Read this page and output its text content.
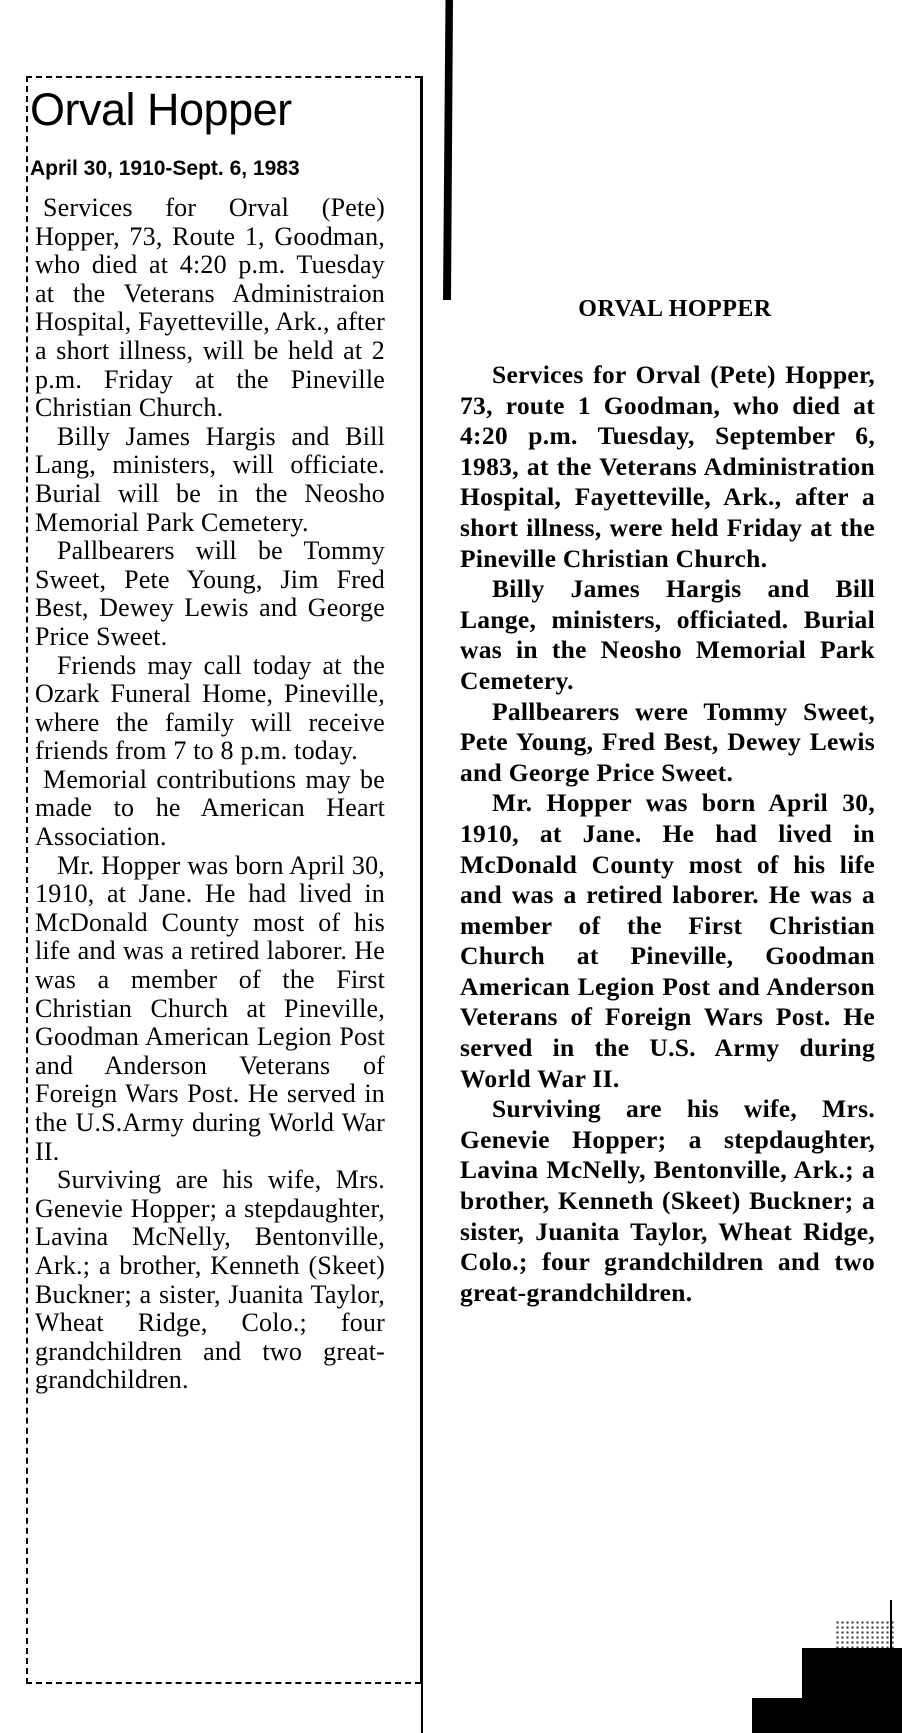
Orval Hopper
April 30, 1910-Sept. 6, 1983

Services for Orval (Pete) Hopper, 73, Route 1, Goodman, who died at 4:20 p.m. Tuesday at the Veterans Administraion Hospital, Fayetteville, Ark., after a short illness, will be held at 2 p.m. Friday at the Pineville Christian Church.

Billy James Hargis and Bill Lang, ministers, will officiate. Burial will be in the Neosho Memorial Park Cemetery.

Pallbearers will be Tommy Sweet, Pete Young, Jim Fred Best, Dewey Lewis and George Price Sweet.

Friends may call today at the Ozark Funeral Home, Pineville, where the family will receive friends from 7 to 8 p.m. today.

Memorial contributions may be made to he American Heart Association.

Mr. Hopper was born April 30, 1910, at Jane. He had lived in McDonald County most of his life and was a retired laborer. He was a member of the First Christian Church at Pineville, Goodman American Legion Post and Anderson Veterans of Foreign Wars Post. He served in the U.S.Army during World War II.

Surviving are his wife, Mrs. Genevie Hopper; a stepdaughter, Lavina McNelly, Bentonville, Ark.; a brother, Kenneth (Skeet) Buckner; a sister, Juanita Taylor, Wheat Ridge, Colo.; four grandchildren and two great-grandchildren.

ORVAL HOPPER

Services for Orval (Pete) Hopper, 73, route 1 Goodman, who died at 4:20 p.m. Tuesday, September 6, 1983, at the Veterans Administration Hospital, Fayetteville, Ark., after a short illness, were held Friday at the Pineville Christian Church.

Billy James Hargis and Bill Lange, ministers, officiated. Burial was in the Neosho Memorial Park Cemetery.

Pallbearers were Tommy Sweet, Pete Young, Fred Best, Dewey Lewis and George Price Sweet.

Mr. Hopper was born April 30, 1910, at Jane. He had lived in McDonald County most of his life and was a retired laborer. He was a member of the First Christian Church at Pineville, Goodman American Legion Post and Anderson Veterans of Foreign Wars Post. He served in the U.S. Army during World War II.

Surviving are his wife, Mrs. Genevie Hopper; a stepdaughter, Lavina McNelly, Bentonville, Ark.; a brother, Kenneth (Skeet) Buckner; a sister, Juanita Taylor, Wheat Ridge, Colo.; four grandchildren and two great-grandchildren.
